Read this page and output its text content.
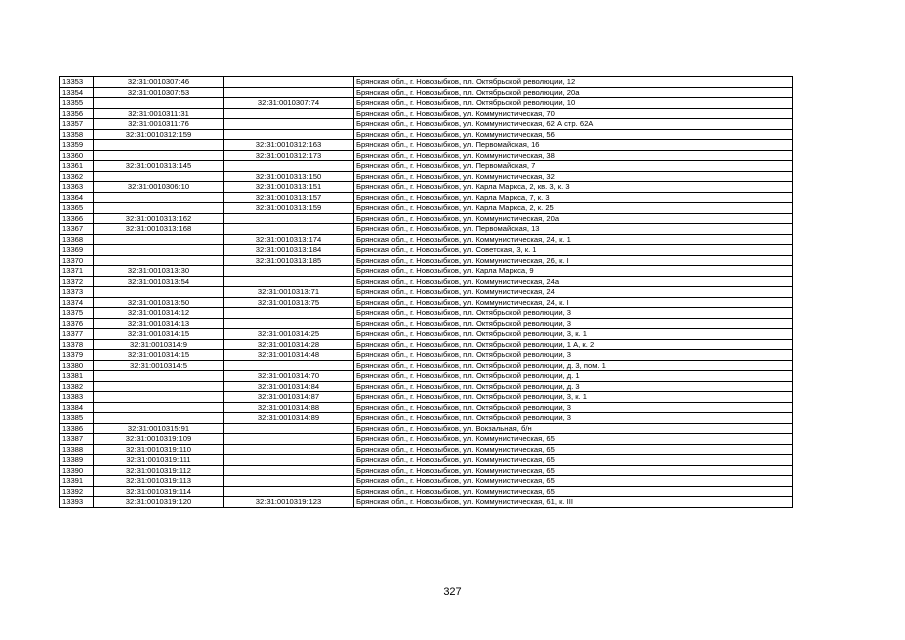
13353	32:31:0010307:46		Брянская обл., г. Новозыбков, пл. Октябрьской революции, 12
13354	32:31:0010307:53		Брянская обл., г. Новозыбков, пл. Октябрьской революции, 20а
13355		32:31:0010307:74	Брянская обл., г. Новозыбков, пл. Октябрьской революции, 10
13356	32:31:0010311:31		Брянская обл., г. Новозыбков, ул. Коммунистическая, 70
13357	32:31:0010311:76		Брянская обл., г. Новозыбков, ул. Коммунистическая, 62 А стр. 62А
13358	32:31:0010312:159		Брянская обл., г. Новозыбков, ул. Коммунистическая, 56
13359		32:31:0010312:163	Брянская обл., г. Новозыбков, ул. Первомайская, 16
13360		32:31:0010312:173	Брянская обл., г. Новозыбков, ул. Коммунистическая, 38
13361	32:31:0010313:145		Брянская обл., г. Новозыбков, ул. Первомайская, 7
13362		32:31:0010313:150	Брянская обл., г. Новозыбков, ул. Коммунистическая, 32
13363	32:31:0010306:10	32:31:0010313:151	Брянская обл., г. Новозыбков, ул. Карла Маркса, 2, кв. 3, к. 3
13364		32:31:0010313:157	Брянская обл., г. Новозыбков, ул. Карла Маркса, 7, к. 3
13365		32:31:0010313:159	Брянская обл., г. Новозыбков, ул. Карла Маркса, 2, к. 25
13366	32:31:0010313:162		Брянская обл., г. Новозыбков, ул. Коммунистическая, 20а
13367	32:31:0010313:168		Брянская обл., г. Новозыбков, ул. Первомайская, 13
13368		32:31:0010313:174	Брянская обл., г. Новозыбков, ул. Коммунистическая, 24, к. 1
13369		32:31:0010313:184	Брянская обл., г. Новозыбков, ул. Советская, 3, к. 1
13370		32:31:0010313:185	Брянская обл., г. Новозыбков, ул. Коммунистическая, 26, к. I
13371	32:31:0010313:30		Брянская обл., г. Новозыбков, ул. Карла Маркса, 9
13372	32:31:0010313:54		Брянская обл., г. Новозыбков, ул. Коммунистическая, 24а
13373		32:31:0010313:71	Брянская обл., г. Новозыбков, ул. Коммунистическая, 24
13374	32:31:0010313:50	32:31:0010313:75	Брянская обл., г. Новозыбков, ул. Коммунистическая, 24, к. I
13375	32:31:0010314:12		Брянская обл., г. Новозыбков, пл. Октябрьской революции, 3
13376	32:31:0010314:13		Брянская обл., г. Новозыбков, пл. Октябрьской революции, 3
13377	32:31:0010314:15	32:31:0010314:25	Брянская обл., г. Новозыбков, пл. Октябрьской революции, 3, к. 1
13378	32:31:0010314:9	32:31:0010314:28	Брянская обл., г. Новозыбков, пл. Октябрьской революции, 1 А, к. 2
13379	32:31:0010314:15	32:31:0010314:48	Брянская обл., г. Новозыбков, пл. Октябрьской революции, 3
13380	32:31:0010314:5		Брянская обл., г. Новозыбков, пл. Октябрьской революции, д. 3, пом. 1
13381		32:31:0010314:70	Брянская обл., г. Новозыбков, пл. Октябрьской революции, д. 1
13382		32:31:0010314:84	Брянская обл., г. Новозыбков, пл. Октябрьской революции, д. 3
13383		32:31:0010314:87	Брянская обл., г. Новозыбков, пл. Октябрьской революции, 3, к. 1
13384		32:31:0010314:88	Брянская обл., г. Новозыбков, пл. Октябрьской революции, 3
13385		32:31:0010314:89	Брянская обл., г. Новозыбков, пл. Октябрьской революции, 3
13386	32:31:0010315:91		Брянская обл., г. Новозыбков, ул. Вокзальная, б/н
13387	32:31:0010319:109		Брянская обл., г. Новозыбков, ул. Коммунистическая, 65
13388	32:31:0010319:110		Брянская обл., г. Новозыбков, ул. Коммунистическая, 65
13389	32:31:0010319:111		Брянская обл., г. Новозыбков, ул. Коммунистическая, 65
13390	32:31:0010319:112		Брянская обл., г. Новозыбков, ул. Коммунистическая, 65
13391	32:31:0010319:113		Брянская обл., г. Новозыбков, ул. Коммунистическая, 65
13392	32:31:0010319:114		Брянская обл., г. Новозыбков, ул. Коммунистическая, 65
13393	32:31:0010319:120	32:31:0010319:123	Брянская обл., г. Новозыбков, ул. Коммунистическая, 61, к. III
327
